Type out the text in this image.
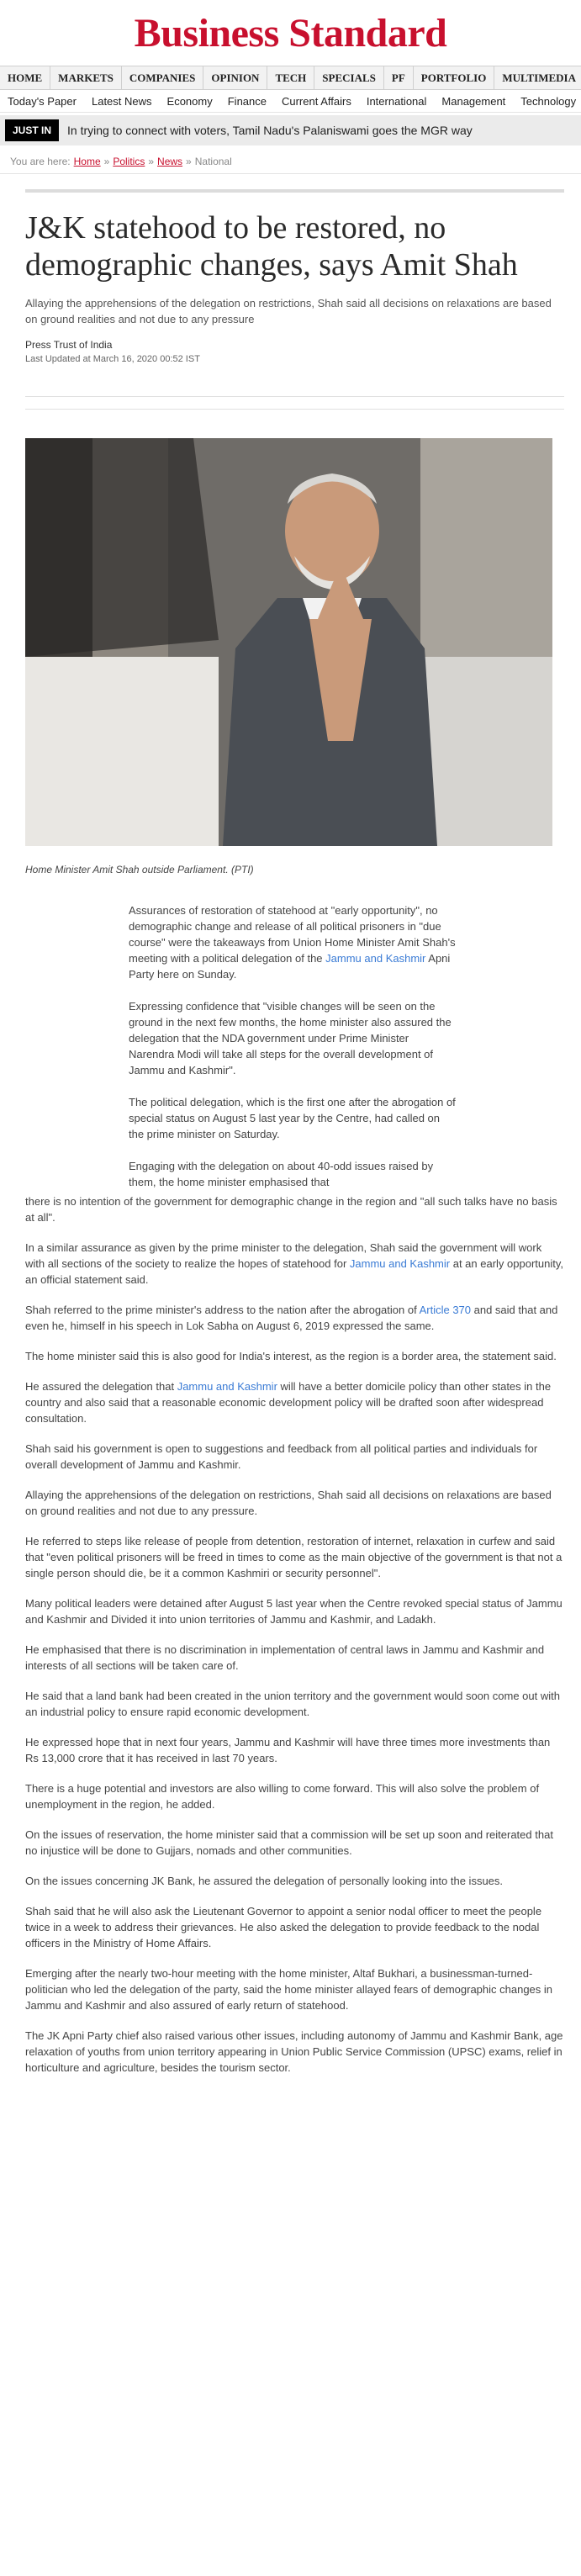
Business Standard
HOME	MARKETS	COMPANIES	OPINION	TECH	SPECIALS	PF	PORTFOLIO	MULTIMEDIA
Today's Paper	Latest News	Economy	Finance	Current Affairs	International	Management	Technology
JUST IN	In trying to connect with voters, Tamil Nadu's Palaniswami goes the MGR way
You are here: Home » Politics » News » National
J&K statehood to be restored, no demographic changes, says Amit Shah

Allaying the apprehensions of the delegation on restrictions, Shah said all decisions on relaxations are based on ground realities and not due to any pressure

Press Trust of India

Last Updated at March 16, 2020 00:52 IST

Home Minister Amit Shah outside Parliament. (PTI)

Assurances of restoration of statehood at "early opportunity", no demographic change and release of all political prisoners in "due course" were the takeaways from Union Home Minister Amit Shah's meeting with a political delegation of the Jammu and Kashmir Apni Party here on Sunday.

Expressing confidence that "visible changes will be seen on the ground in the next few months, the home minister also assured the delegation that the NDA government under Prime Minister Narendra Modi will take all steps for the overall development of Jammu and Kashmir".

The political delegation, which is the first one after the abrogation of special status on August 5 last year by the Centre, had called on the prime minister on Saturday.

Engaging with the delegation on about 40-odd issues raised by them, the home minister emphasised that

there is no intention of the government for demographic change in the region and "all such talks have no basis at all".

In a similar assurance as given by the prime minister to the delegation, Shah said the government will work with all sections of the society to realize the hopes of statehood for Jammu and Kashmir at an early opportunity, an official statement said.

Shah referred to the prime minister's address to the nation after the abrogation of Article 370 and said that and even he, himself in his speech in Lok Sabha on August 6, 2019 expressed the same.

The home minister said this is also good for India's interest, as the region is a border area, the statement said.

He assured the delegation that Jammu and Kashmir will have a better domicile policy than other states in the country and also said that a reasonable economic development policy will be drafted soon after widespread consultation.

Shah said his government is open to suggestions and feedback from all political parties and individuals for overall development of Jammu and Kashmir.

Allaying the apprehensions of the delegation on restrictions, Shah said all decisions on relaxations are based on ground realities and not due to any pressure.

He referred to steps like release of people from detention, restoration of internet, relaxation in curfew and said that "even political prisoners will be freed in times to come as the main objective of the government is that not a single person should die, be it a common Kashmiri or security personnel".

Many political leaders were detained after August 5 last year when the Centre revoked special status of Jammu and Kashmir and Divided it into union territories of Jammu and Kashmir, and Ladakh.

He emphasised that there is no discrimination in implementation of central laws in Jammu and Kashmir and interests of all sections will be taken care of.

He said that a land bank had been created in the union territory and the government would soon come out with an industrial policy to ensure rapid economic development.

He expressed hope that in next four years, Jammu and Kashmir will have three times more investments than Rs 13,000 crore that it has received in last 70 years.

There is a huge potential and investors are also willing to come forward. This will also solve the problem of unemployment in the region, he added.

On the issues of reservation, the home minister said that a commission will be set up soon and reiterated that no injustice will be done to Gujjars, nomads and other communities.

On the issues concerning JK Bank, he assured the delegation of personally looking into the issues.

Shah said that he will also ask the Lieutenant Governor to appoint a senior nodal officer to meet the people twice in a week to address their grievances. He also asked the delegation to provide feedback to the nodal officers in the Ministry of Home Affairs.

Emerging after the nearly two-hour meeting with the home minister, Altaf Bukhari, a businessman-turned-politician who led the delegation of the party, said the home minister allayed fears of demographic changes in Jammu and Kashmir and also assured of early return of statehood.

The JK Apni Party chief also raised various other issues, including autonomy of Jammu and Kashmir Bank, age relaxation of youths from union territory appearing in Union Public Service Commission (UPSC) exams, relief in horticulture and agriculture, besides the tourism sector.
